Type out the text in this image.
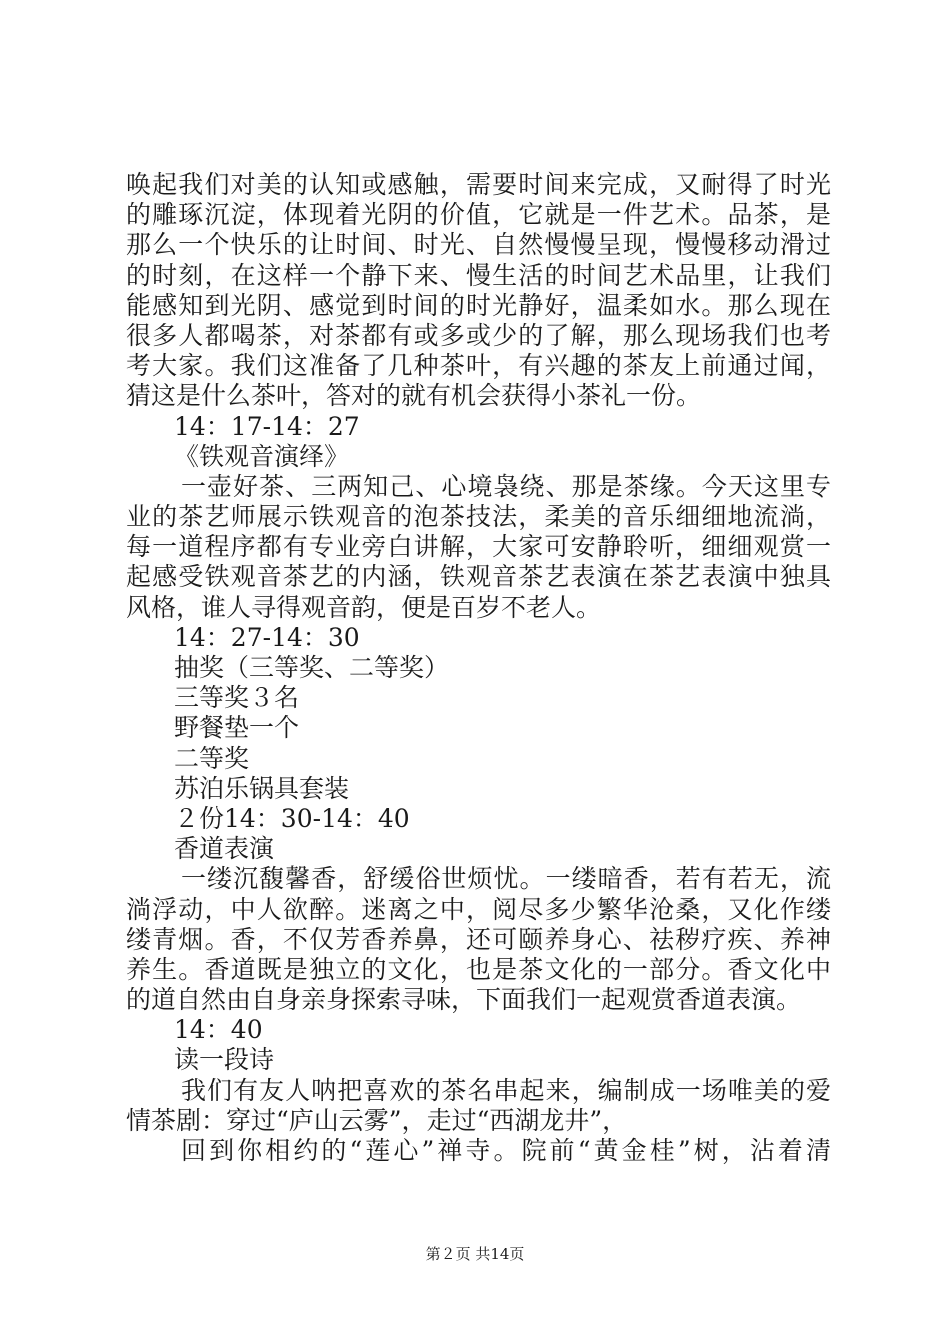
唤起我们对美的认知或感触，需要时间来完成，又耐得了时光

的雕琢沉淀，体现着光阴的价值，它就是一件艺术。品茶，是

那么一个快乐的让时间、时光、自然慢慢呈现，慢慢移动滑过

的时刻，在这样一个静下来、慢生活的时间艺术品里，让我们

能感知到光阴、感觉到时间的时光静好，温柔如水。那么现在

很多人都喝茶，对茶都有或多或少的了解，那么现场我们也考

考大家。我们这准备了几种茶叶，有兴趣的茶友上前通过闻，

猜这是什么茶叶，答对的就有机会获得小茶礼一份。

14：17-14：27

《铁观音演绎》

一壶好茶、三两知己、心境袅绕、那是茶缘。今天这里专

业的茶艺师展示铁观音的泡茶技法，柔美的音乐细细地流淌，

每一道程序都有专业旁白讲解，大家可安静聆听，细细观赏一

起感受铁观音茶艺的内涵，铁观音茶艺表演在茶艺表演中独具

风格，谁人寻得观音韵，便是百岁不老人。

14：27-14：30

抽奖（三等奖、二等奖）

三等奖３名

野餐垫一个

二等奖

苏泊乐锅具套装

２份14：30-14：40

香道表演

一缕沉馥馨香，舒缓俗世烦忧。一缕暗香，若有若无，流

淌浮动，中人欲醉。迷离之中，阅尽多少繁华沧桑，又化作缕

缕青烟。香，不仅芳香养鼻，还可颐养身心、祛秽疗疾、养神

养生。香道既是独立的文化，也是茶文化的一部分。香文化中

的道自然由自身亲身探索寻味，下面我们一起观赏香道表演。

14：40

读一段诗

我们有友人呐把喜欢的茶名串起来，编制成一场唯美的爱

情茶剧：穿过“庐山云雾”，走过“西湖龙井”，

回到你相约的“莲心”禅寺。院前“黄金桂”树，沾着清

第２页 共14页
